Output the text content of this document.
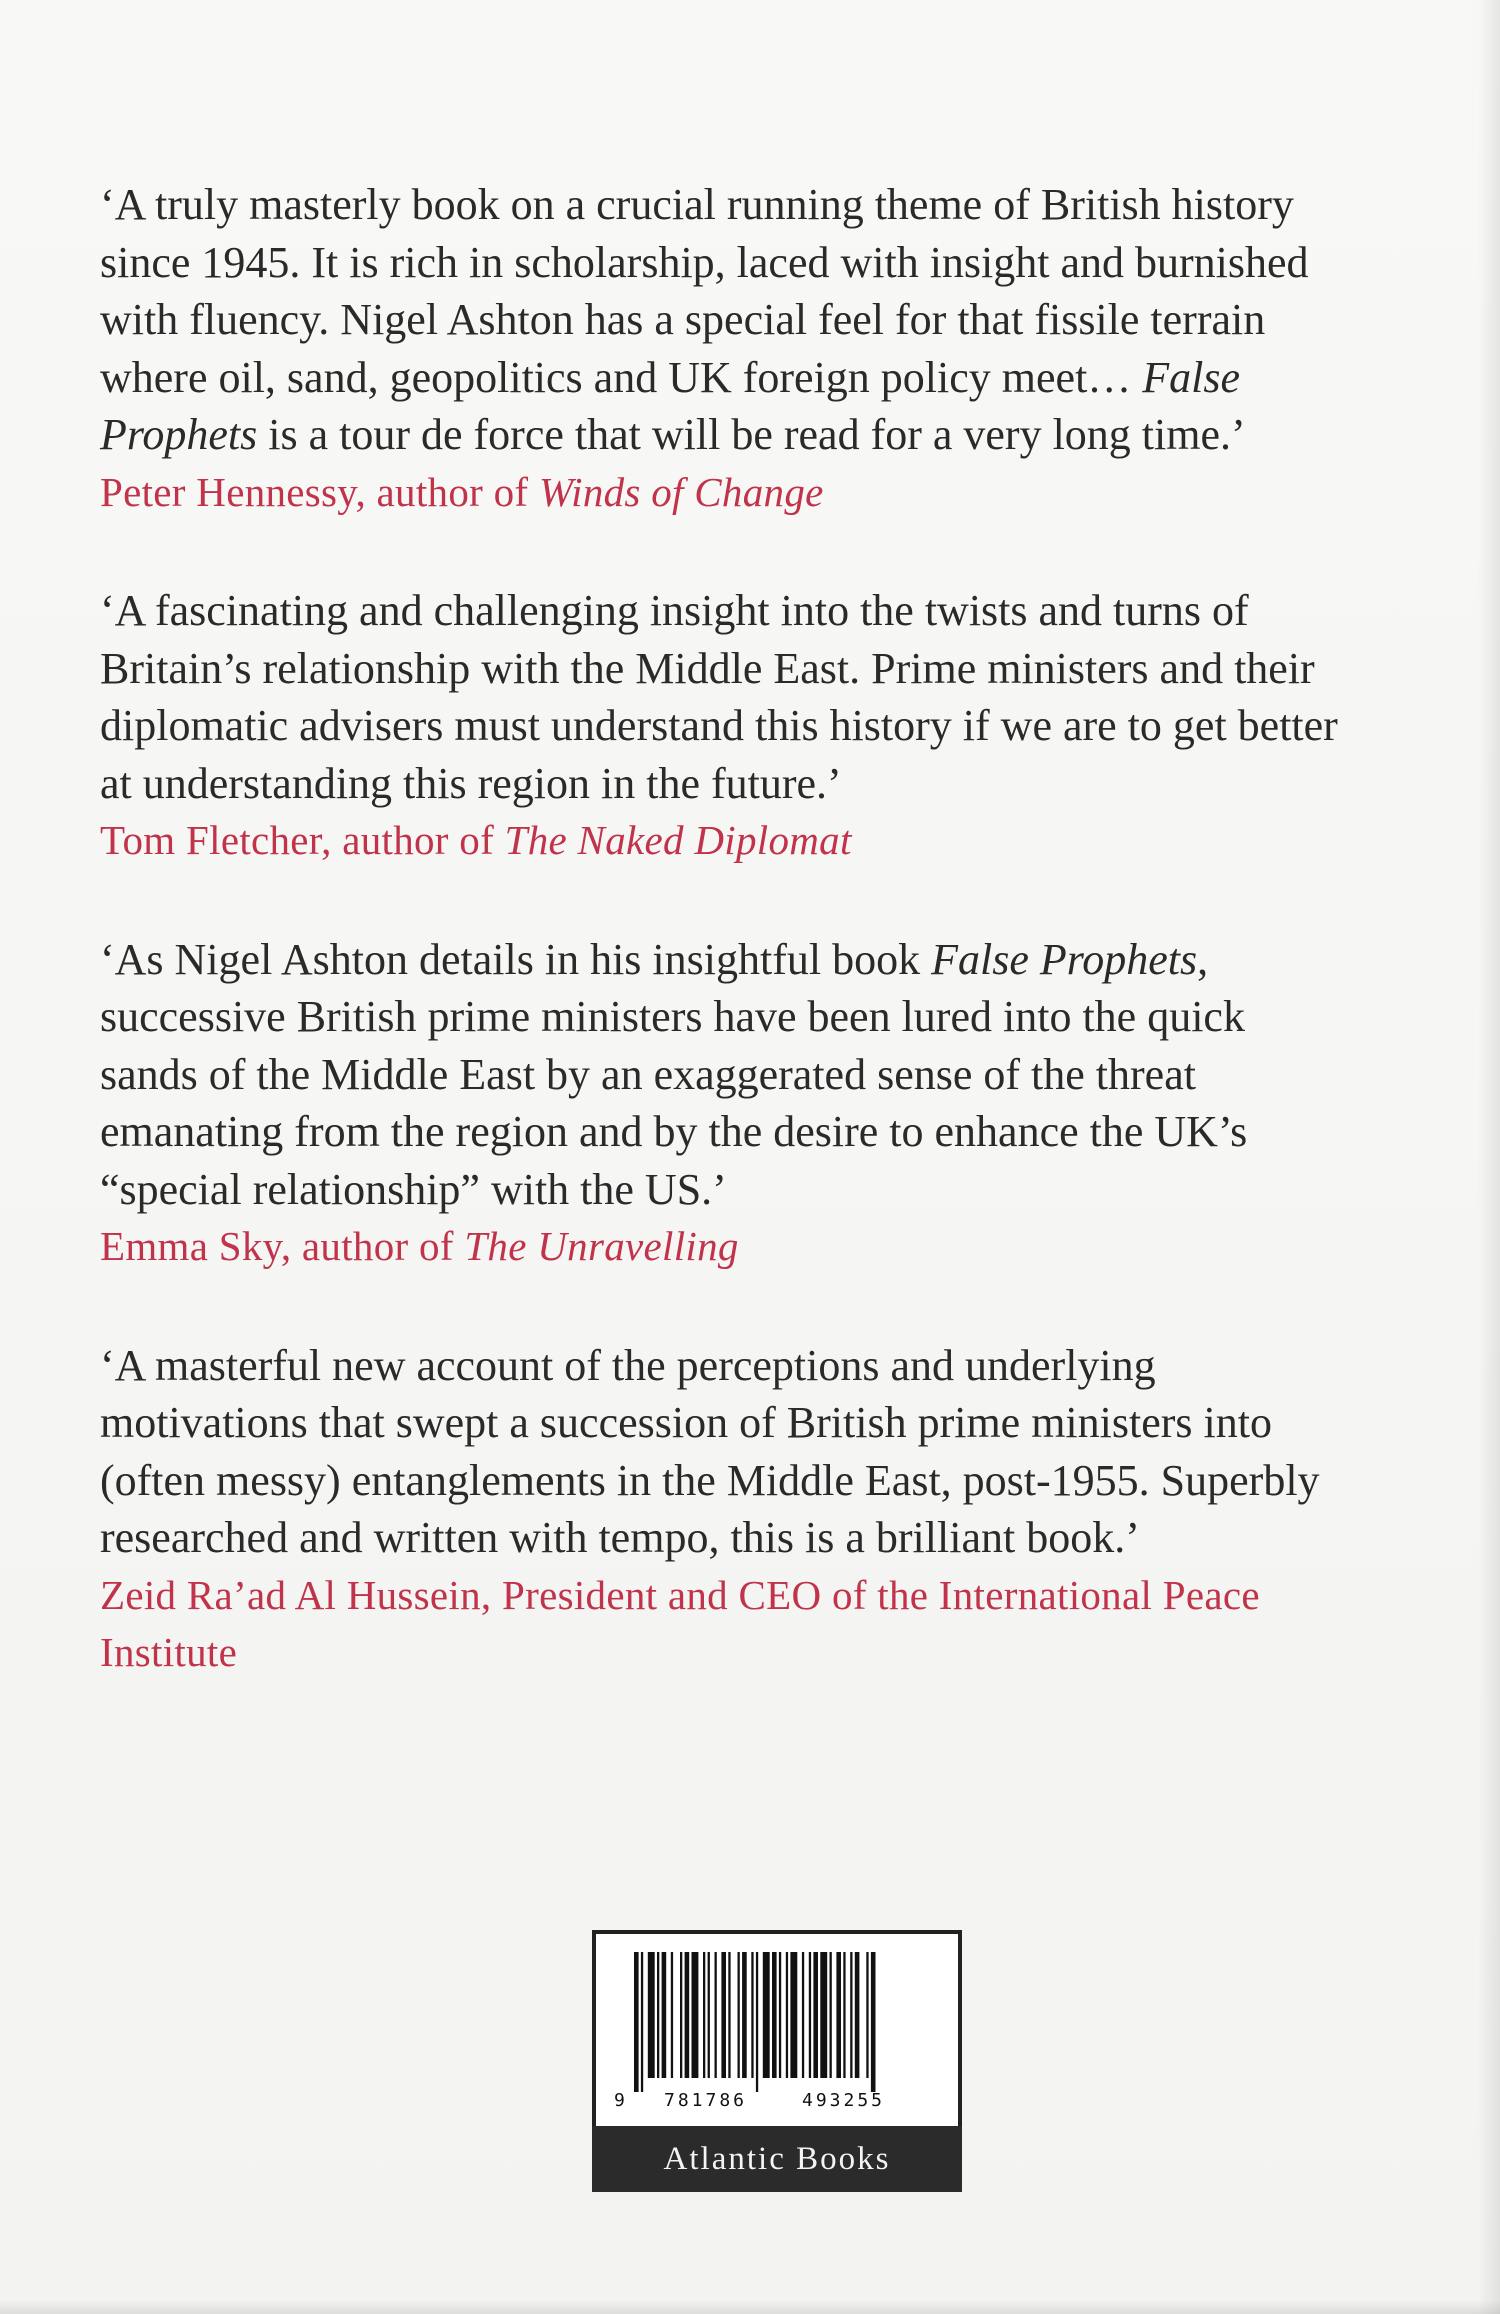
‘A truly masterly book on a crucial running theme of British history since 1945. It is rich in scholarship, laced with insight and burnished with fluency. Nigel Ashton has a special feel for that fissile terrain where oil, sand, geopolitics and UK foreign policy meet… False Prophets is a tour de force that will be read for a very long time.’

Peter Hennessy, author of Winds of Change

‘A fascinating and challenging insight into the twists and turns of Britain’s relationship with the Middle East. Prime ministers and their diplomatic advisers must understand this history if we are to get better at understanding this region in the future.’

Tom Fletcher, author of The Naked Diplomat

‘As Nigel Ashton details in his insightful book False Prophets, successive British prime ministers have been lured into the quick sands of the Middle East by an exaggerated sense of the threat emanating from the region and by the desire to enhance the UK’s “special relationship” with the US.’

Emma Sky, author of The Unravelling

‘A masterful new account of the perceptions and underlying motivations that swept a succession of British prime ministers into (often messy) entanglements in the Middle East, post-1955. Superbly researched and written with tempo, this is a brilliant book.’

Zeid Ra’ad Al Hussein, President and CEO of the International Peace Institute

9 781786	493255
Atlantic Books
